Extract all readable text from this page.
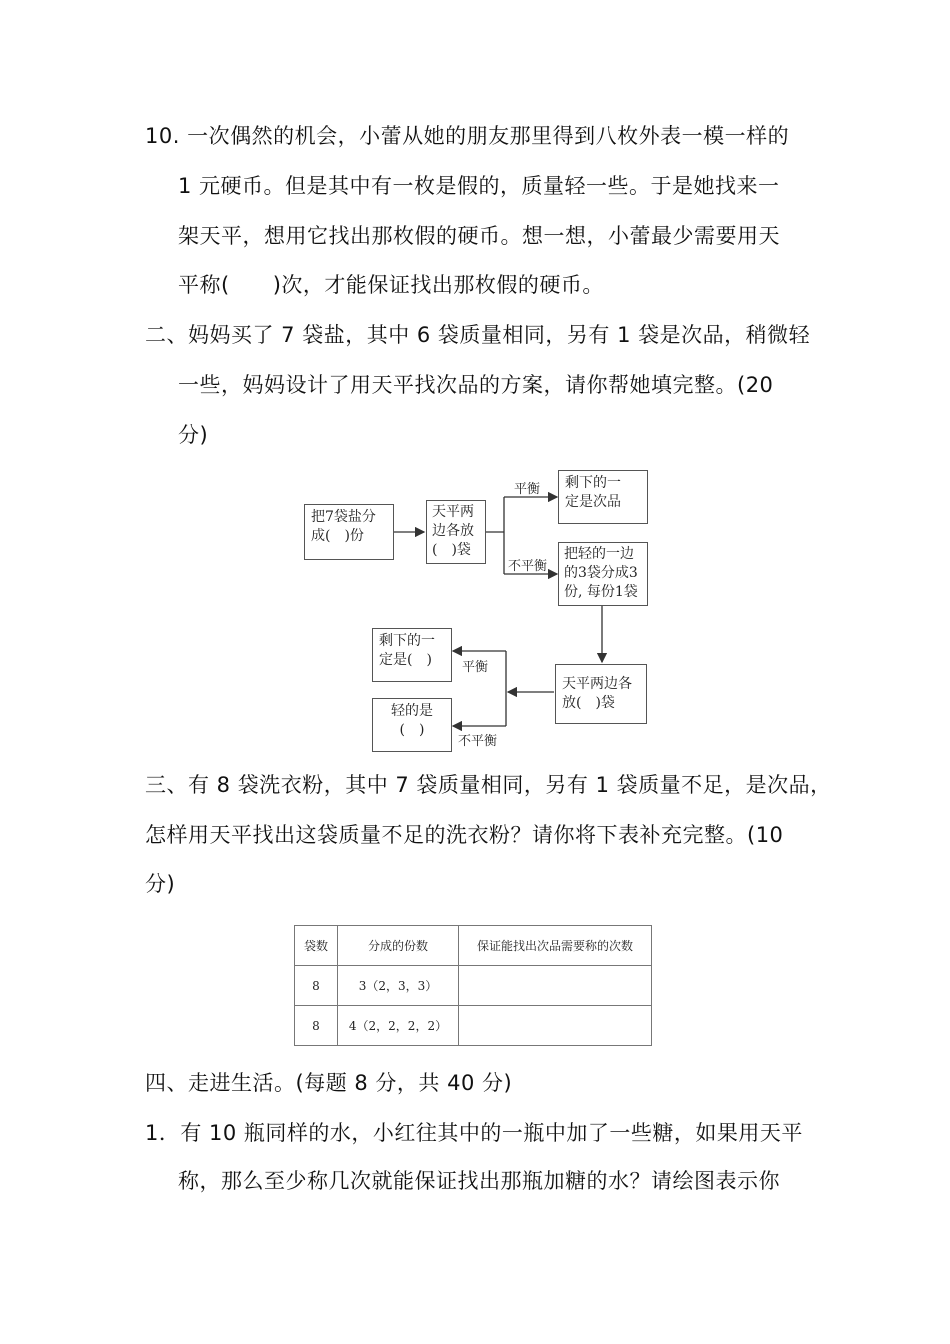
10. 一次偶然的机会，小蕾从她的朋友那里得到八枚外表一模一样的
1 元硬币。但是其中有一枚是假的，质量轻一些。于是她找来一
架天平，想用它找出那枚假的硬币。想一想，小蕾最少需要用天
平称(　　)次，才能保证找出那枚假的硬币。
二、妈妈买了 7 袋盐，其中 6 袋质量相同，另有 1 袋是次品，稍微轻
一些，妈妈设计了用天平找次品的方案，请你帮她填完整。(20
分)
把7袋盐分
成(　)份
天平两
边各放
(　)袋
平衡
不平衡
剩下的一
定是次品
把轻的一边
的3袋分成3
份, 每份1袋
天平两边各
放(　)袋
平衡
不平衡
剩下的一
定是(　)
轻的是
(　)
三、有 8 袋洗衣粉，其中 7 袋质量相同，另有 1 袋质量不足，是次品，
怎样用天平找出这袋质量不足的洗衣粉？请你将下表补充完整。(10
分)
袋数	分成的份数	保证能找出次品需要称的次数
8	3（2，3，3）	
8	4（2，2，2，2）	
四、走进生活。(每题 8 分，共 40 分)
1．有 10 瓶同样的水，小红往其中的一瓶中加了一些糖，如果用天平
称，那么至少称几次就能保证找出那瓶加糖的水？请绘图表示你
